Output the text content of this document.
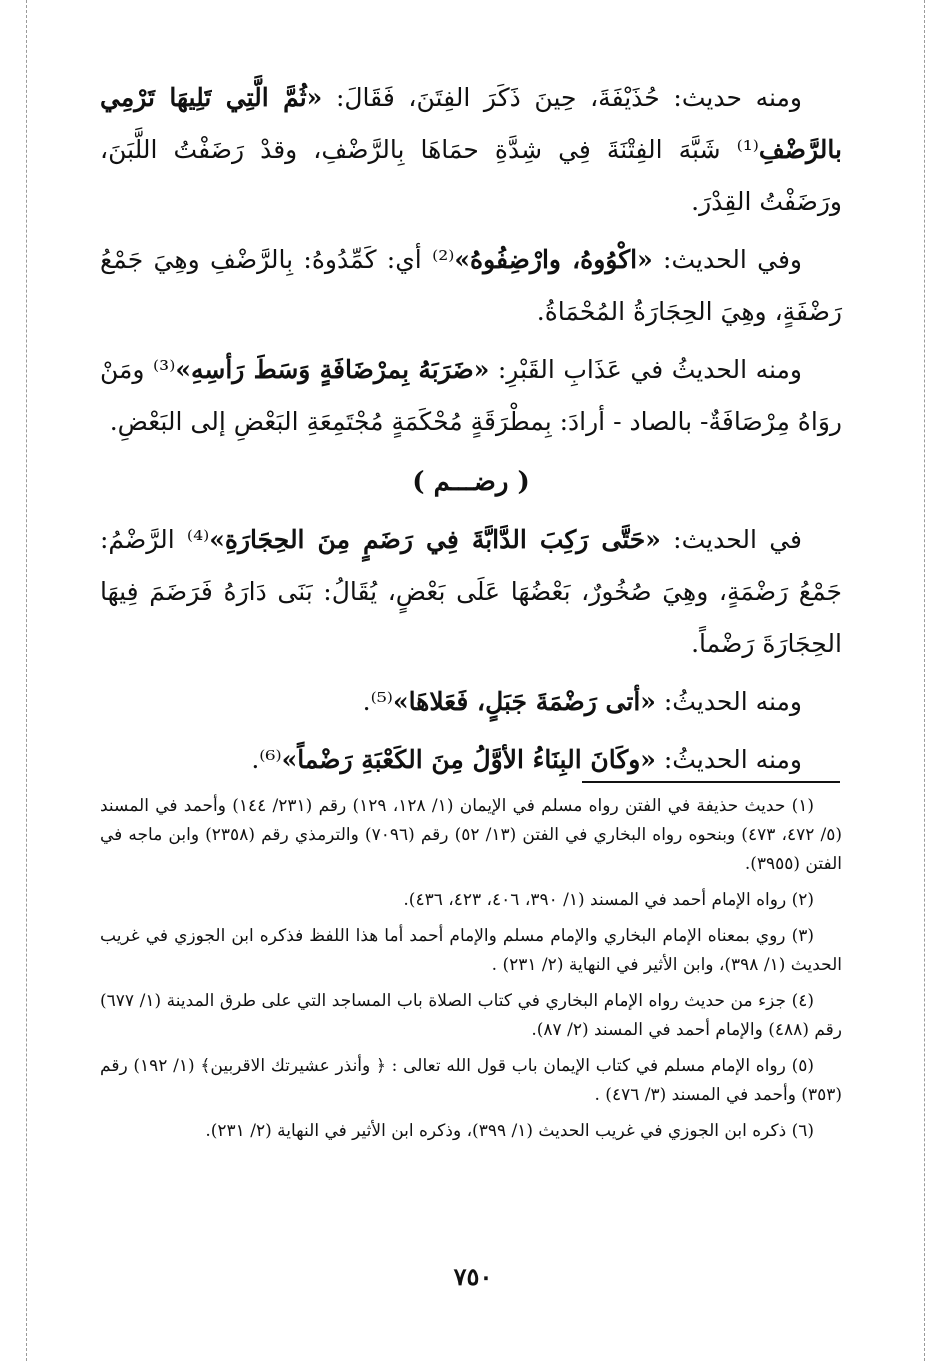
ومنه حديث: حُذَيْفَةَ، حِينَ ذَكَرَ الفِتَنَ، فَقَالَ: «ثُمَّ الَّتِي تَلِيهَا تَرْمِي بالرَّضْفِ⁽¹⁾ شَبَّهَ الفِتْنَةَ فِي شِدَّةِ حمَاهَا بِالرَّضْفِ، وقدْ رَضَفْتُ اللَّبَنَ، ورَضَفْتُ القِدْرَ.

وفي الحديث: «اكْوُوهُ، وارْضِفُوهُ»⁽²⁾ أي: كَمِّدُوهُ: بِالرَّضْفِ وهِيَ جَمْعُ رَضْفَةٍ، وهِيَ الحِجَارَةُ المُحْمَاةُ.

ومنه الحديثُ في عَذَابِ القَبْرِ: «ضَرَبَهُ بِمرْضَافَةٍ وَسَطَ رَأسِهِ»⁽³⁾ ومَنْ روَاهُ مِرْصَافَةٌ- بالصاد - أرادَ: بِمطْرَقَةٍ مُحْكَمَةٍ مُجْتَمِعَةِ البَعْضِ إلى البَعْضِ.

( رضـــم )

في الحديث: «حَتَّى رَكِبَ الدَّابَّةَ فِي رَضَمٍ مِنَ الحِجَارَةِ»⁽⁴⁾ الرَّضْمُ: جَمْعُ رَضْمَةٍ، وهِيَ صُخُورٌ، بَعْضُهَا عَلَى بَعْضٍ، يُقَالُ: بَنَى دَارَهُ فَرَضَمَ فِيهَا الحِجَارَةَ رَضْماً.

ومنه الحديثُ: «أتى رَضْمَةَ جَبَلٍ، فَعَلاهَا»⁽⁵⁾.

ومنه الحديثُ: «وكَانَ البِنَاءُ الأوَّلُ مِنَ الكَعْبَةِ رَضْماً»⁽⁶⁾.

(١) حديث حذيفة في الفتن رواه مسلم في الإيمان (١/ ١٢٨، ١٢٩) رقم (٢٣١/ ١٤٤) وأحمد في المسند (٥/ ٤٧٢، ٤٧٣) وبنحوه رواه البخاري في الفتن (١٣/ ٥٢) رقم (٧٠٩٦) والترمذي رقم (٢٣٥٨) وابن ماجه في الفتن (٣٩٥٥).

(٢) رواه الإمام أحمد في المسند (١/ ٣٩٠، ٤٠٦، ٤٢٣، ٤٣٦).

(٣) روي بمعناه الإمام البخاري والإمام مسلم والإمام أحمد أما هذا اللفظ فذكره ابن الجوزي في غريب الحديث (١/ ٣٩٨)، وابن الأثير في النهاية (٢/ ٢٣١) .

(٤) جزء من حديث رواه الإمام البخاري في كتاب الصلاة باب المساجد التي على طرق المدينة (١/ ٦٧٧) رقم (٤٨٨) والإمام أحمد في المسند (٢/ ٨٧).

(٥) رواه الإمام مسلم في كتاب الإيمان باب قول الله تعالى : ﴿ وأنذر عشيرتك الاقربين﴾ (١/ ١٩٢) رقم (٣٥٣) وأحمد في المسند (٣/ ٤٧٦) .

(٦) ذكره ابن الجوزي في غريب الحديث (١/ ٣٩٩)، وذكره ابن الأثير في النهاية (٢/ ٢٣١).

٧٥٠
